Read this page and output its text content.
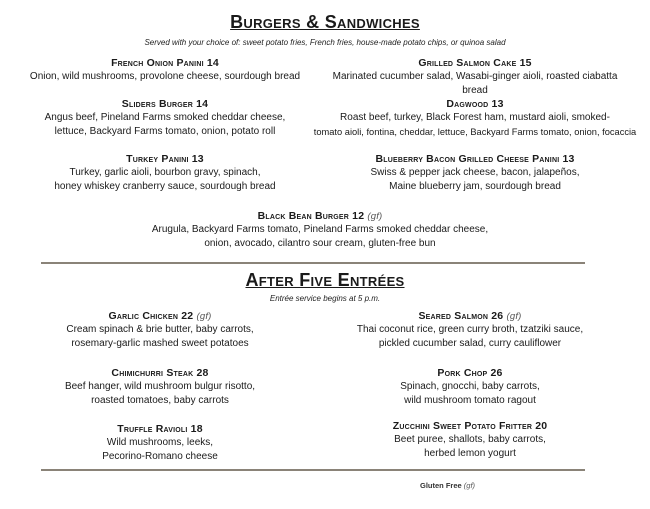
Burgers & Sandwiches
Served with your choice of: sweet potato fries, French fries, house-made potato chips, or quinoa salad
French Onion Panini 14
Onion, wild mushrooms, provolone cheese, sourdough bread
Grilled Salmon Cake 15
Marinated cucumber salad, Wasabi-ginger aioli, roasted ciabatta bread
Sliders Burger 14
Angus beef, Pineland Farms smoked cheddar cheese,
lettuce, Backyard Farms tomato, onion, potato roll
Dagwood 13
Roast beef, turkey, Black Forest ham, mustard aioli, smoked-
tomato aioli, fontina, cheddar, lettuce, Backyard Farms tomato, onion, focaccia
Turkey Panini 13
Turkey, garlic aioli, bourbon gravy, spinach,
honey whiskey cranberry sauce, sourdough bread
Blueberry Bacon Grilled Cheese Panini 13
Swiss & pepper jack cheese, bacon, jalapeños,
Maine blueberry jam, sourdough bread
Black Bean Burger 12 (gf)
Arugula, Backyard Farms tomato, Pineland Farms smoked cheddar cheese,
onion, avocado, cilantro sour cream, gluten-free bun
After Five Entrées
Entrée service begins at 5 p.m.
Garlic Chicken 22 (gf)
Cream spinach & brie butter, baby carrots,
rosemary-garlic mashed sweet potatoes
Seared Salmon 26 (gf)
Thai coconut rice, green curry broth, tzatziki sauce,
pickled cucumber salad, curry cauliflower
Chimichurri Steak 28
Beef hanger, wild mushroom bulgur risotto,
roasted tomatoes, baby carrots
Pork Chop 26
Spinach, gnocchi, baby carrots,
wild mushroom tomato ragout
Truffle Ravioli 18
Wild mushrooms, leeks,
Pecorino-Romano cheese
Zucchini Sweet Potato Fritter 20
Beet puree, shallots, baby carrots,
herbed lemon yogurt
Gluten Free (gf)
